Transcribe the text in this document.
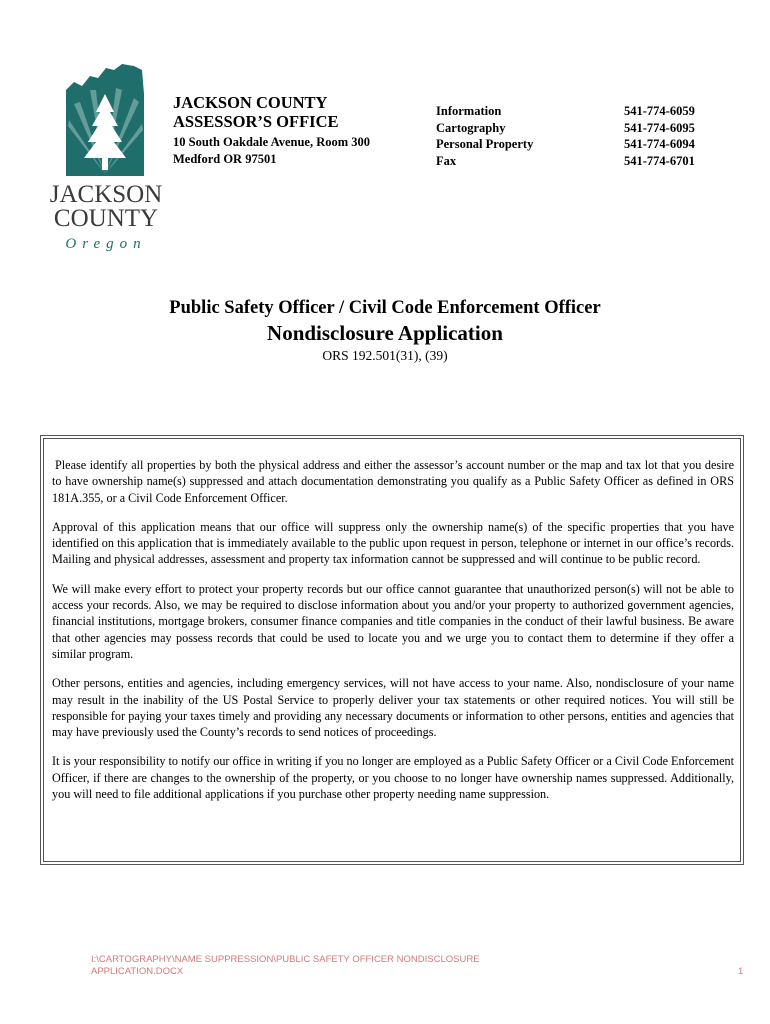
JACKSON
COUNTY
Oregon
JACKSON COUNTY
ASSESSOR’S OFFICE
10 South Oakdale Avenue, Room 300
Medford OR 97501
Information	541-774-6059
Cartography	541-774-6095
Personal Property	541-774-6094
Fax	541-774-6701
Public Safety Officer / Civil Code Enforcement Officer
Nondisclosure Application
ORS 192.501(31), (39)

Please identify all properties by both the physical address and either the assessor’s account number or the map and tax lot that you desire to have ownership name(s) suppressed and attach documentation demonstrating you qualify as a Public Safety Officer as defined in ORS 181A.355, or a Civil Code Enforcement Officer.

Approval of this application means that our office will suppress only the ownership name(s) of the specific properties that you have identified on this application that is immediately available to the public upon request in person, telephone or internet in our office’s records. Mailing and physical addresses, assessment and property tax information cannot be suppressed and will continue to be public record.

We will make every effort to protect your property records but our office cannot guarantee that unauthorized person(s) will not be able to access your records. Also, we may be required to disclose information about you and/or your property to authorized government agencies, financial institutions, mortgage brokers, consumer finance companies and title companies in the conduct of their lawful business. Be aware that other agencies may possess records that could be used to locate you and we urge you to contact them to determine if they offer a similar program.

Other persons, entities and agencies, including emergency services, will not have access to your name. Also, nondisclosure of your name may result in the inability of the US Postal Service to properly deliver your tax statements or other required notices. You will still be responsible for paying your taxes timely and providing any necessary documents or information to other persons, entities and agencies that may have previously used the County’s records to send notices of proceedings.

It is your responsibility to notify our office in writing if you no longer are employed as a Public Safety Officer or a Civil Code Enforcement Officer, if there are changes to the ownership of the property, or you choose to no longer have ownership names suppressed. Additionally, you will need to file additional applications if you purchase other property needing name suppression.

I:\CARTOGRAPHY\NAME SUPPRESSION\PUBLIC SAFETY OFFICER NONDISCLOSURE APPLICATION.DOCX	1
